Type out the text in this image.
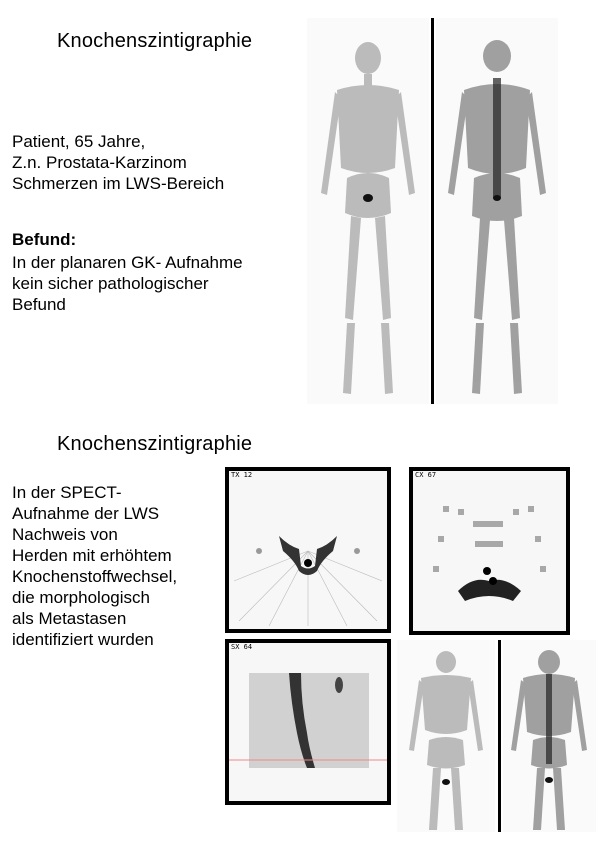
Knochenszintigraphie
Patient, 65 Jahre,
Z.n. Prostata-Karzinom
Schmerzen im LWS-Bereich
Befund:
In der planaren GK- Aufnahme
kein sicher pathologischer
Befund
Knochenszintigraphie
In der SPECT-
Aufnahme der LWS
Nachweis von
Herden mit erhöhtem
Knochenstoffwechsel,
die morphologisch
als Metastasen
identifiziert wurden
TX 12	CX 67
SX 64
